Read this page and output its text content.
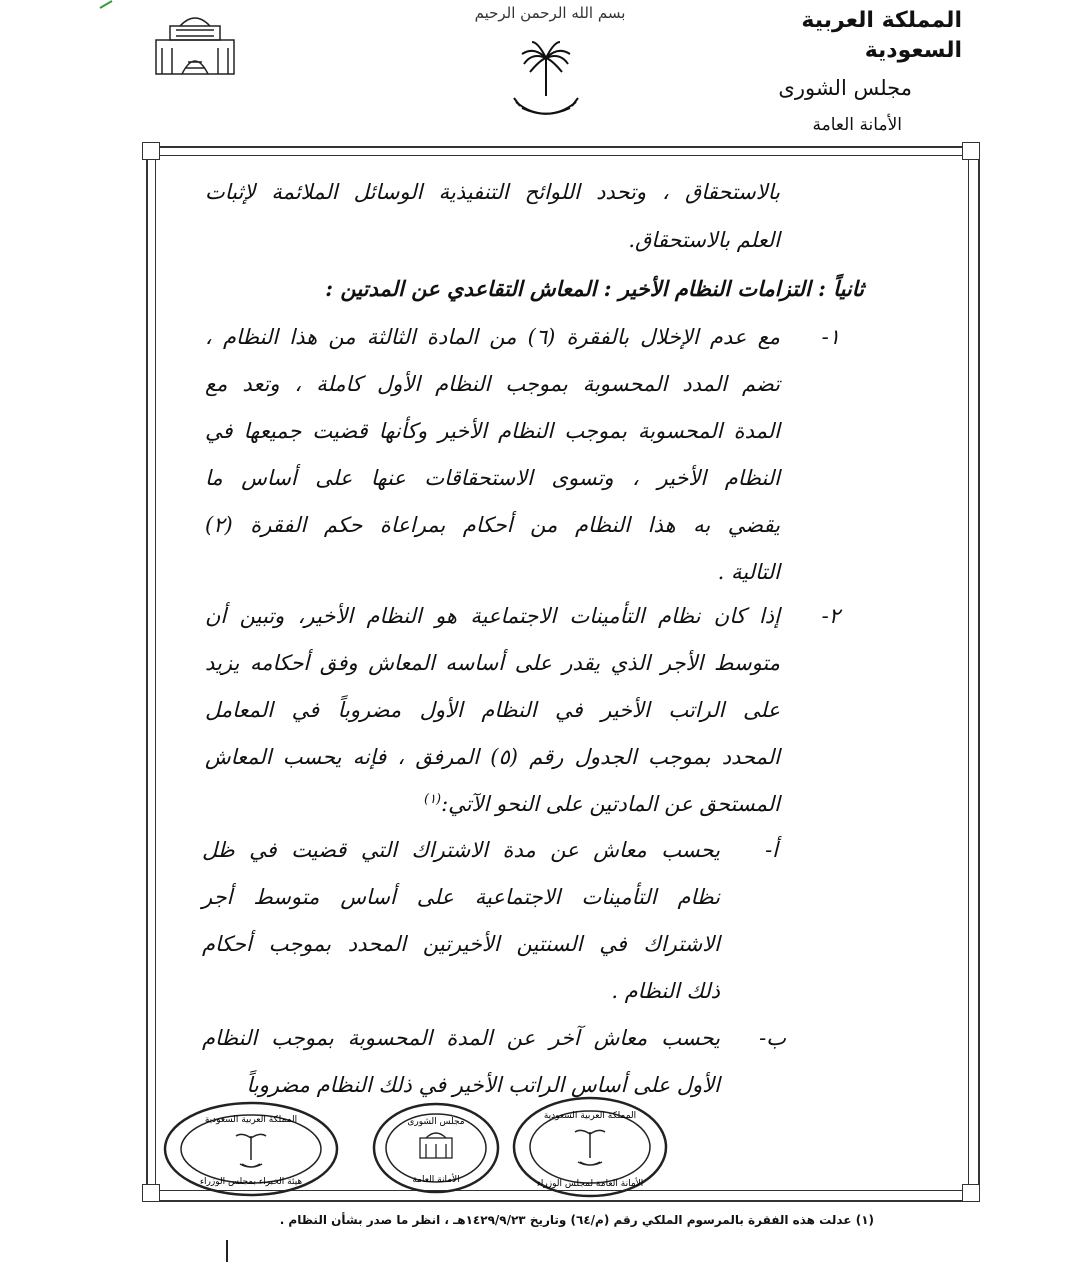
المملكة العربية السعودية
مجلس الشورى
الأمانة العامة
بسم الله الرحمن الرحيم
بالاستحقاق ، وتحدد اللوائح التنفيذية الوسائل الملائمة لإثبات
العلم بالاستحقاق.
ثانياً : التزامات النظام الأخير : المعاش التقاعدي عن المدتين :
١-
مع عدم الإخلال بالفقرة (٦) من المادة الثالثة من هذا النظام ،
تضم المدد المحسوبة بموجب النظام الأول كاملة ، وتعد مع
المدة المحسوبة بموجب النظام الأخير وكأنها قضيت جميعها في
النظام الأخير ، وتسوى الاستحقاقات عنها على أساس ما
يقضي به هذا النظام من أحكام بمراعاة حكم الفقرة (٢)
التالية .
٢-
إذا كان نظام التأمينات الاجتماعية هو النظام الأخير، وتبين أن
متوسط الأجر الذي يقدر على أساسه المعاش وفق أحكامه يزيد
على الراتب الأخير في النظام الأول مضروباً في المعامل
المحدد بموجب الجدول رقم (٥) المرفق ، فإنه يحسب المعاش
المستحق عن المادتين على النحو الآتي:$^{(١)}$
أ-
يحسب معاش عن مدة الاشتراك التي قضيت في ظل
نظام التأمينات الاجتماعية على أساس متوسط أجر
الاشتراك في السنتين الأخيرتين المحدد بموجب أحكام
ذلك النظام .
ب-
يحسب معاش آخر عن المدة المحسوبة بموجب النظام
الأول على أساس الراتب الأخير في ذلك النظام مضروباً
المملكة العربية السعودية
هيئة الخبراء بمجلس الوزراء
مجلس الشورى
الأمانة العامة
المملكة العربية السعودية
الأمانة العامة لمجلس الوزراء
(١) عدلت هذه الفقرة بالمرسوم الملكي رقم (م/٦٤) وتاريخ ١٤٢٩/٩/٢٣هـ ، انظر ما صدر بشأن النظام .
